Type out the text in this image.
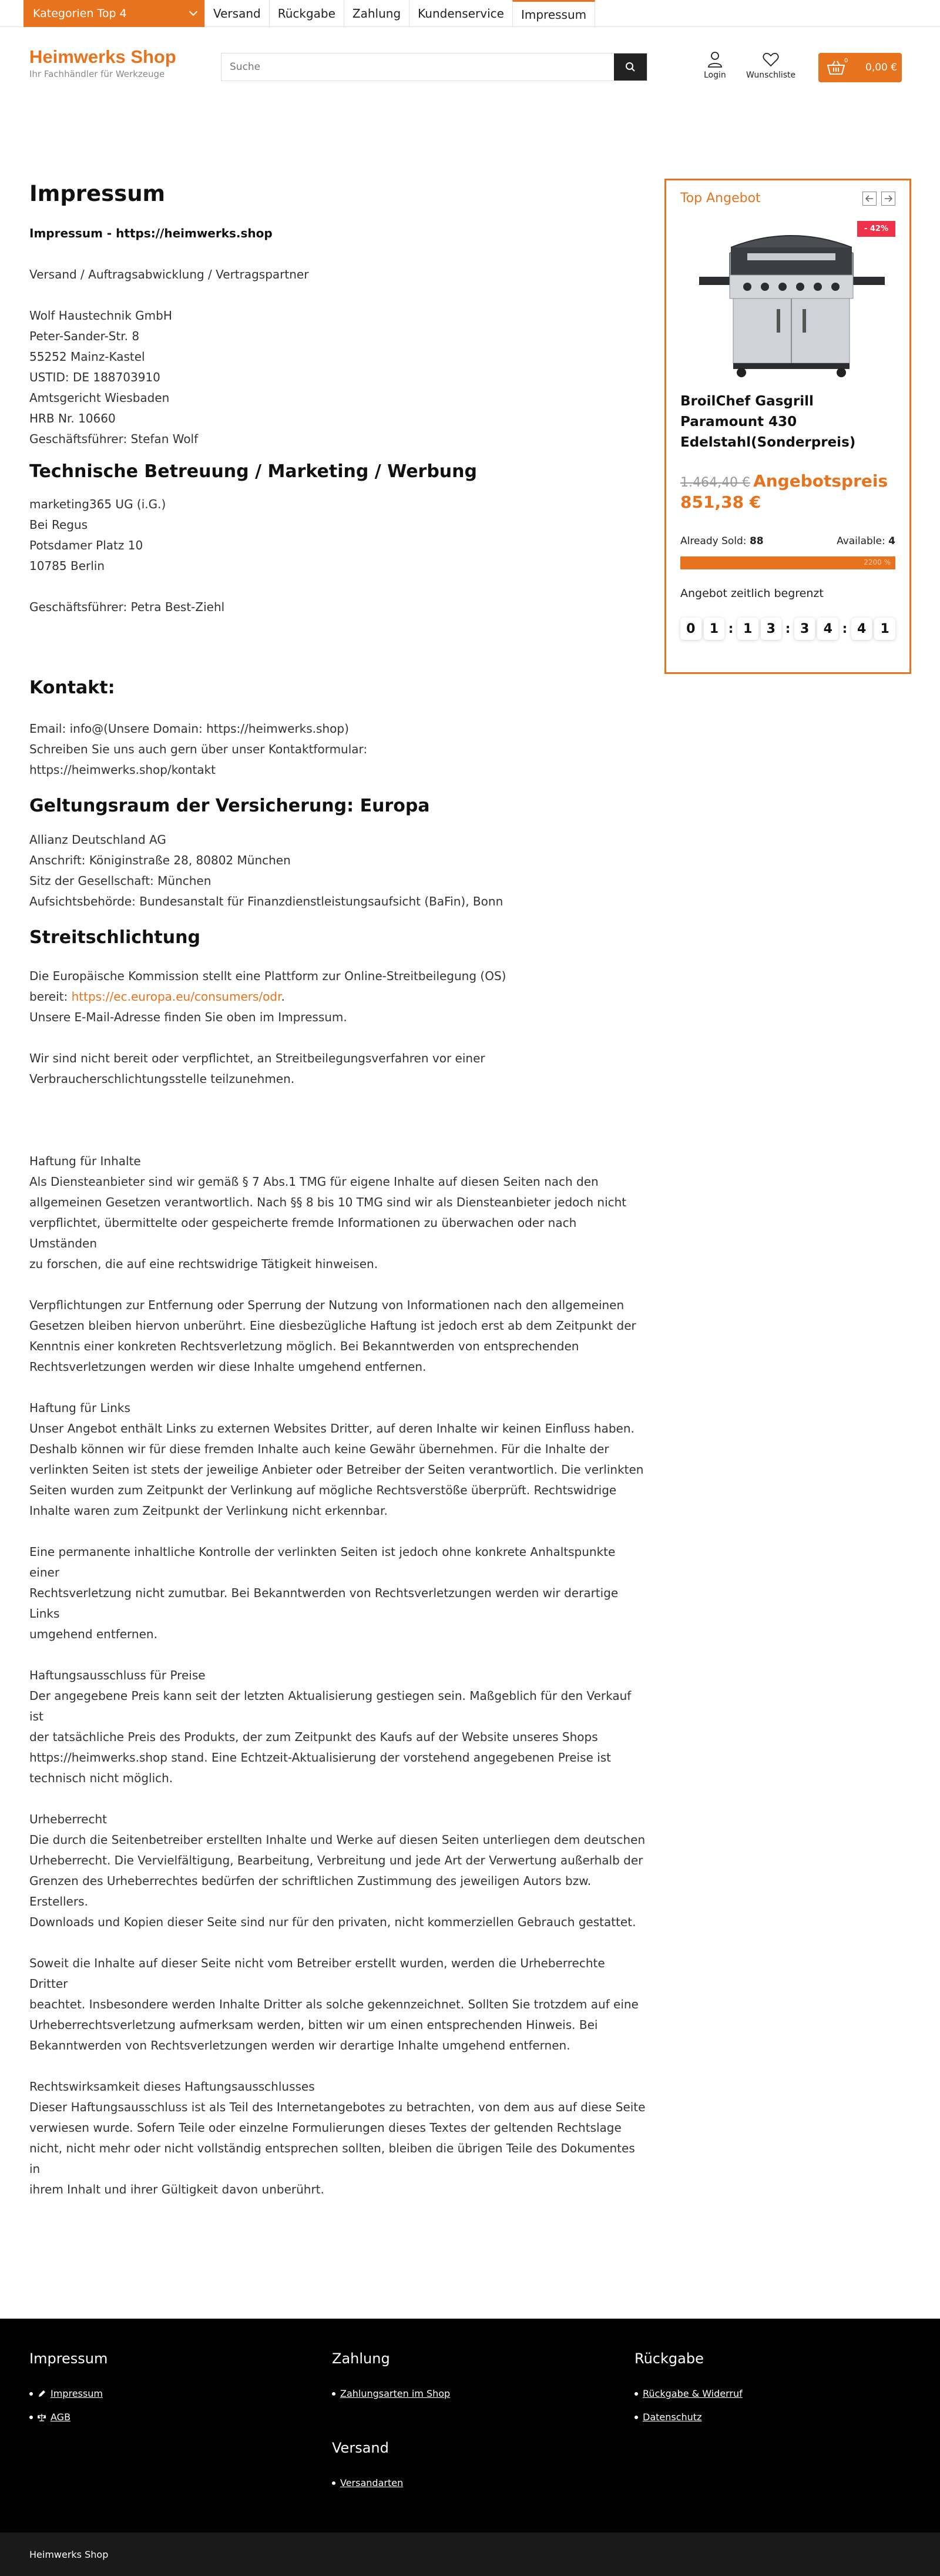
Kategorien Top 4	Versand	Rückgabe	Zahlung	Kundenservice	Impressum
Heimwerks Shop
Ihr Fachhändler für Werkzeuge
Suche	Login Wunschliste
0
0,00 €
Impressum

Impressum - https://heimwerks.shop

Versand / Auftragsabwicklung / Vertragspartner

Wolf Haustechnik GmbH

Peter-Sander-Str. 8

55252 Mainz-Kastel

USTID: DE 188703910

Amtsgericht Wiesbaden

HRB Nr. 10660

Geschäftsführer: Stefan Wolf

Technische Betreuung / Marketing / Werbung

marketing365 UG (i.G.)

Bei Regus

Potsdamer Platz 10

10785 Berlin

Geschäftsführer: Petra Best-Ziehl

Kontakt:

Email: info@(Unsere Domain: https://heimwerks.shop)

Schreiben Sie uns auch gern über unser Kontaktformular:

https://heimwerks.shop/kontakt

Geltungsraum der Versicherung: Europa

Allianz Deutschland AG

Anschrift: Königinstraße 28, 80802 München

Sitz der Gesellschaft: München

Aufsichtsbehörde: Bundesanstalt für Finanzdienstleistungsaufsicht (BaFin), Bonn

Streitschlichtung

Die Europäische Kommission stellt eine Plattform zur Online-Streitbeilegung (OS)

bereit: https://ec.europa.eu/consumers/odr.

Unsere E-Mail-Adresse finden Sie oben im Impressum.

Wir sind nicht bereit oder verpflichtet, an Streitbeilegungsverfahren vor einer

Verbraucherschlichtungsstelle teilzunehmen.

Haftung für Inhalte

Als Diensteanbieter sind wir gemäß § 7 Abs.1 TMG für eigene Inhalte auf diesen Seiten nach den

allgemeinen Gesetzen verantwortlich. Nach §§ 8 bis 10 TMG sind wir als Diensteanbieter jedoch nicht

verpflichtet, übermittelte oder gespeicherte fremde Informationen zu überwachen oder nach Umständen

zu forschen, die auf eine rechtswidrige Tätigkeit hinweisen.

Verpflichtungen zur Entfernung oder Sperrung der Nutzung von Informationen nach den allgemeinen

Gesetzen bleiben hiervon unberührt. Eine diesbezügliche Haftung ist jedoch erst ab dem Zeitpunkt der

Kenntnis einer konkreten Rechtsverletzung möglich. Bei Bekanntwerden von entsprechenden

Rechtsverletzungen werden wir diese Inhalte umgehend entfernen.

Haftung für Links

Unser Angebot enthält Links zu externen Websites Dritter, auf deren Inhalte wir keinen Einfluss haben.

Deshalb können wir für diese fremden Inhalte auch keine Gewähr übernehmen. Für die Inhalte der

verlinkten Seiten ist stets der jeweilige Anbieter oder Betreiber der Seiten verantwortlich. Die verlinkten

Seiten wurden zum Zeitpunkt der Verlinkung auf mögliche Rechtsverstöße überprüft. Rechtswidrige

Inhalte waren zum Zeitpunkt der Verlinkung nicht erkennbar.

Eine permanente inhaltliche Kontrolle der verlinkten Seiten ist jedoch ohne konkrete Anhaltspunkte einer

Rechtsverletzung nicht zumutbar. Bei Bekanntwerden von Rechtsverletzungen werden wir derartige Links

umgehend entfernen.

Haftungsausschluss für Preise

Der angegebene Preis kann seit der letzten Aktualisierung gestiegen sein. Maßgeblich für den Verkauf ist

der tatsächliche Preis des Produkts, der zum Zeitpunkt des Kaufs auf der Website unseres Shops

https://heimwerks.shop stand. Eine Echtzeit-Aktualisierung der vorstehend angegebenen Preise ist

technisch nicht möglich.

Urheberrecht

Die durch die Seitenbetreiber erstellten Inhalte und Werke auf diesen Seiten unterliegen dem deutschen

Urheberrecht. Die Vervielfältigung, Bearbeitung, Verbreitung und jede Art der Verwertung außerhalb der

Grenzen des Urheberrechtes bedürfen der schriftlichen Zustimmung des jeweiligen Autors bzw. Erstellers.

Downloads und Kopien dieser Seite sind nur für den privaten, nicht kommerziellen Gebrauch gestattet.

Soweit die Inhalte auf dieser Seite nicht vom Betreiber erstellt wurden, werden die Urheberrechte Dritter

beachtet. Insbesondere werden Inhalte Dritter als solche gekennzeichnet. Sollten Sie trotzdem auf eine

Urheberrechtsverletzung aufmerksam werden, bitten wir um einen entsprechenden Hinweis. Bei

Bekanntwerden von Rechtsverletzungen werden wir derartige Inhalte umgehend entfernen.

Rechtswirksamkeit dieses Haftungsausschlusses

Dieser Haftungsausschluss ist als Teil des Internetangebotes zu betrachten, von dem aus auf diese Seite

verwiesen wurde. Sofern Teile oder einzelne Formulierungen dieses Textes der geltenden Rechtslage

nicht, nicht mehr oder nicht vollständig entsprechen sollten, bleiben die übrigen Teile des Dokumentes in

ihrem Inhalt und ihrer Gültigkeit davon unberührt.

Top Angebot
- 42%
BroilChef Gasgrill Paramount 430 Edelstahl(Sonderpreis)
1.464,40 € Angebotspreis
851,38 €
Already Sold: 88	Available: 4
2200 %
Angebot zeitlich begrenzt
0	1 : 1	3 : 3	4 : 4	1
Impressum
Impressum
AGB
Zahlung
Zahlungsarten im Shop
Versand
Versandarten
Rückgabe
Rückgabe & Widerruf
Datenschutz
Heimwerks Shop
